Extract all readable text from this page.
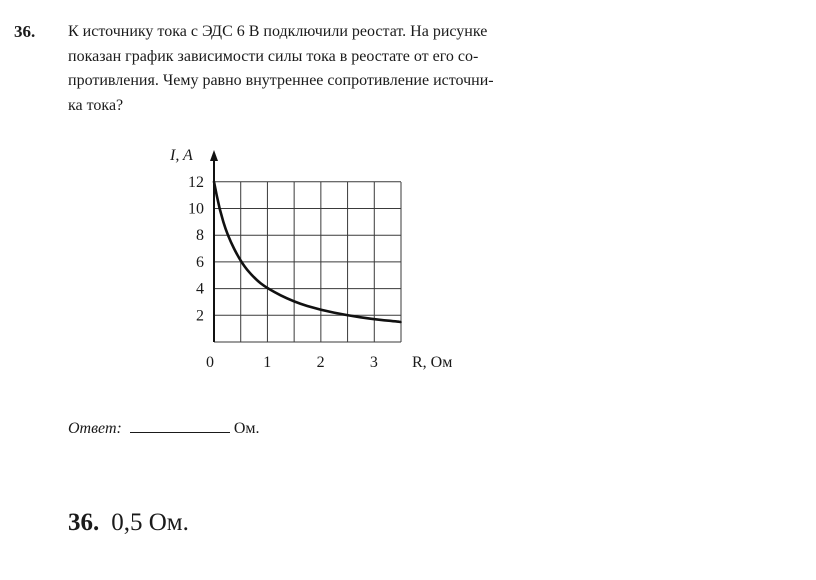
36. К источнику тока с ЭДС 6 В подключили реостат. На рисунке
показан график зависимости силы тока в реостате от его со-
противления. Чему равно внутреннее сопротивление источни-
ка тока?
2
4
6
8
10
12
0	1	2	3
I, A
R, Ом
Ответ:	Ом.
36. 0,5 Ом.
